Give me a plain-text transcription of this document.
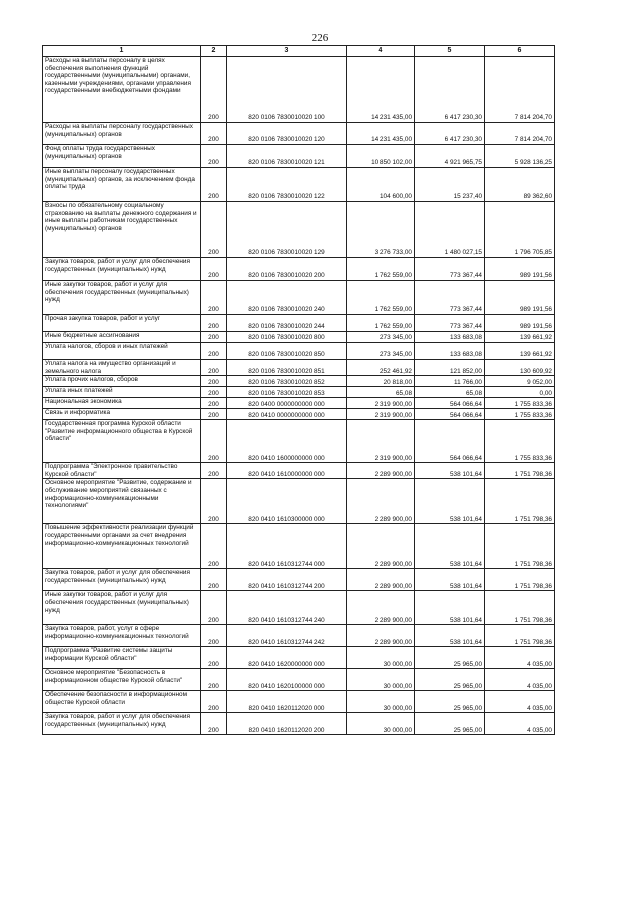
226
1	2	3	4	5	6
Расходы на выплаты персоналу в целях обеспечения выполнения функций государственными (муниципальными) органами, казенными учреждениями, органами управления государственными внебюджетными фондами	200	820 0106 7830010020 100	14 231 435,00	6 417 230,30	7 814 204,70
Расходы на выплаты персоналу государственных (муниципальных) органов	200	820 0106 7830010020 120	14 231 435,00	6 417 230,30	7 814 204,70
Фонд оплаты труда государственных (муниципальных) органов	200	820 0106 7830010020 121	10 850 102,00	4 921 965,75	5 928 136,25
Иные выплаты персоналу государственных (муниципальных) органов, за исключением фонда оплаты труда	200	820 0106 7830010020 122	104 600,00	15 237,40	89 362,60
Взносы по обязательному социальному страхованию на выплаты денежного содержания и иные выплаты работникам государственных (муниципальных) органов	200	820 0106 7830010020 129	3 276 733,00	1 480 027,15	1 796 705,85
Закупка товаров, работ и услуг для обеспечения государственных (муниципальных) нужд	200	820 0106 7830010020 200	1 762 559,00	773 367,44	989 191,56
Иные закупки товаров, работ и услуг для обеспечения государственных (муниципальных) нужд	200	820 0106 7830010020 240	1 762 559,00	773 367,44	989 191,56
Прочая закупка товаров, работ и услуг	200	820 0106 7830010020 244	1 762 559,00	773 367,44	989 191,56
Иные бюджетные ассигнования	200	820 0106 7830010020 800	273 345,00	133 683,08	139 661,92
Уплата налогов, сборов и иных платежей	200	820 0106 7830010020 850	273 345,00	133 683,08	139 661,92
Уплата налога на имущество организаций и земельного налога	200	820 0106 7830010020 851	252 461,92	121 852,00	130 609,92
Уплата прочих налогов, сборов	200	820 0106 7830010020 852	20 818,00	11 766,00	9 052,00
Уплата иных платежей	200	820 0106 7830010020 853	65,08	65,08	0,00
Национальная экономика	200	820 0400 0000000000 000	2 319 900,00	564 066,64	1 755 833,36
Связь и информатика	200	820 0410 0000000000 000	2 319 900,00	564 066,64	1 755 833,36
Государственная программа Курской области "Развитие информационного общества в Курской области"	200	820 0410 1600000000 000	2 319 900,00	564 066,64	1 755 833,36
Подпрограмма "Электронное правительство Курской области"	200	820 0410 1610000000 000	2 289 900,00	538 101,64	1 751 798,36
Основное мероприятие "Развитие, содержание и обслуживание мероприятий связанных с информационно-коммуникационными технологиями"	200	820 0410 1610300000 000	2 289 900,00	538 101,64	1 751 798,36
Повышение эффективности реализации функций государственными органами за счет внедрения информационно-коммуникационных технологий	200	820 0410 1610312744 000	2 289 900,00	538 101,64	1 751 798,36
Закупка товаров, работ и услуг для обеспечения государственных (муниципальных) нужд	200	820 0410 1610312744 200	2 289 900,00	538 101,64	1 751 798,36
Иные закупки товаров, работ и услуг для обеспечения государственных (муниципальных) нужд	200	820 0410 1610312744 240	2 289 900,00	538 101,64	1 751 798,36
Закупка товаров, работ, услуг в сфере информационно-коммуникационных технологий	200	820 0410 1610312744 242	2 289 900,00	538 101,64	1 751 798,36
Подпрограмма "Развитие системы защиты информации Курской области"	200	820 0410 1620000000 000	30 000,00	25 965,00	4 035,00
Основное мероприятие "Безопасность в информационном обществе Курской области"	200	820 0410 1620100000 000	30 000,00	25 965,00	4 035,00
Обеспечение безопасности в информационном обществе Курской области	200	820 0410 1620112020 000	30 000,00	25 965,00	4 035,00
Закупка товаров, работ и услуг для обеспечения государственных (муниципальных) нужд	200	820 0410 1620112020 200	30 000,00	25 965,00	4 035,00
